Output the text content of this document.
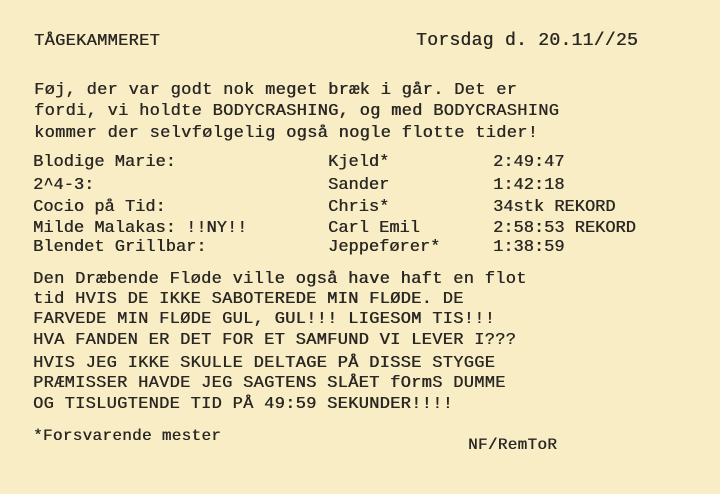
TÅGEKAMMERET	Torsdag d. 20.11//25
Føj, der var godt nok meget bræk i går. Det er
fordi, vi holdte BODYCRASHING, og med BODYCRASHING
kommer der selvfølgelig også nogle flotte tider!
Blodige Marie:	Kjeld*	2:49:47
2^4-3:	Sander	1:42:18
Cocio på Tid:	Chris*	34stk REKORD
Milde Malakas: !!NY!!	Carl Emil	2:58:53 REKORD
Blendet Grillbar:	Jeppefører*	1:38:59
Den Dræbende Fløde ville også have haft en flot
tid HVIS DE IKKE SABOTEREDE MIN FLØDE. DE
FARVEDE MIN FLØDE GUL, GUL!!! LIGESOM TIS!!!
HVA FANDEN ER DET FOR ET SAMFUND VI LEVER I???
HVIS JEG IKKE SKULLE DELTAGE PÅ DISSE STYGGE
PRÆMISSER HAVDE JEG SAGTENS SLÅET fOrmS DUMME
OG TISLUGTENDE TID PÅ 49:59 SEKUNDER!!!!
*Forsvarende mester	NF/RemToR
